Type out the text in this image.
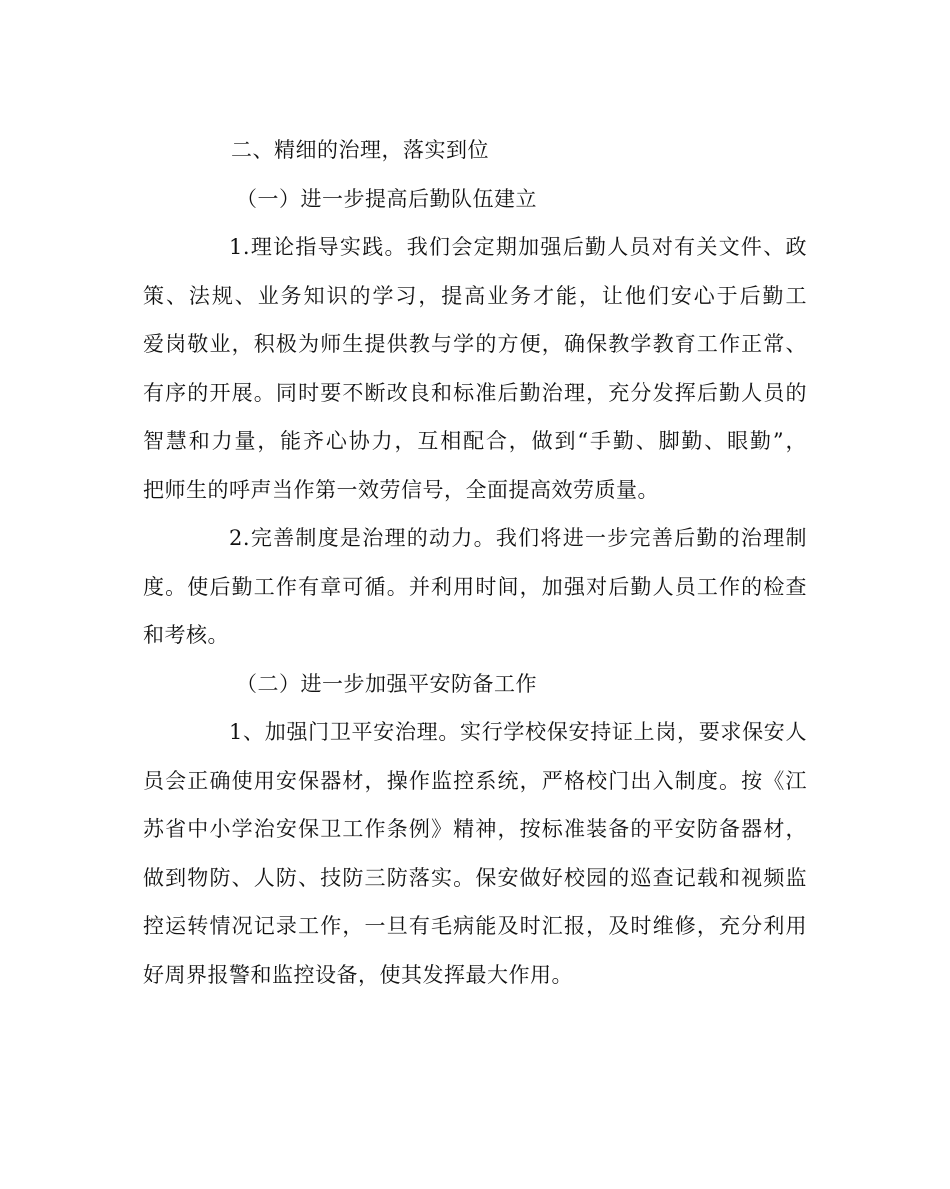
二、精细的治理，落实到位
（一）进一步提高后勤队伍建立
1.理论指导实践。我们会定期加强后勤人员对有关文件、政
策、法规、业务知识的学习，提高业务才能，让他们安心于后勤工
爱岗敬业，积极为师生提供教与学的方便，确保教学教育工作正常、
有序的开展。同时要不断改良和标准后勤治理，充分发挥后勤人员的
智慧和力量，能齐心协力，互相配合，做到“手勤、脚勤、眼勤”，
把师生的呼声当作第一效劳信号，全面提高效劳质量。
2.完善制度是治理的动力。我们将进一步完善后勤的治理制
度。使后勤工作有章可循。并利用时间，加强对后勤人员工作的检查
和考核。
（二）进一步加强平安防备工作
1、加强门卫平安治理。实行学校保安持证上岗，要求保安人
员会正确使用安保器材，操作监控系统，严格校门出入制度。按《江
苏省中小学治安保卫工作条例》精神，按标准装备的平安防备器材，
做到物防、人防、技防三防落实。保安做好校园的巡查记载和视频监
控运转情况记录工作，一旦有毛病能及时汇报，及时维修，充分利用
好周界报警和监控设备，使其发挥最大作用。
